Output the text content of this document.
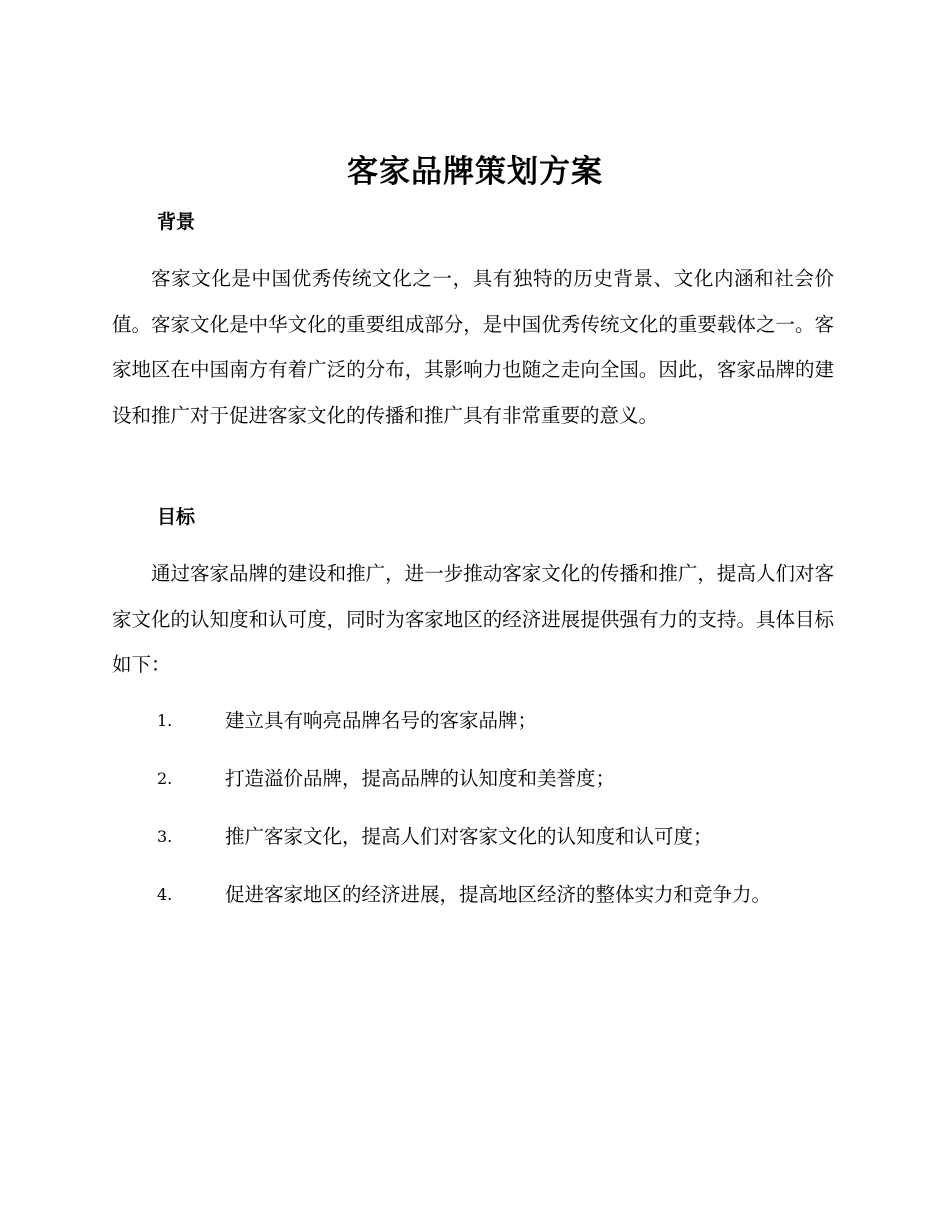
客家品牌策划方案
背景

客家文化是中国优秀传统文化之一，具有独特的历史背景、文化内涵和社会价值。客家文化是中华文化的重要组成部分，是中国优秀传统文化的重要载体之一。客家地区在中国南方有着广泛的分布，其影响力也随之走向全国。因此，客家品牌的建设和推广对于促进客家文化的传播和推广具有非常重要的意义。

目标

通过客家品牌的建设和推广，进一步推动客家文化的传播和推广，提高人们对客家文化的认知度和认可度，同时为客家地区的经济进展提供强有力的支持。具体目标如下：

1.	建立具有响亮品牌名号的客家品牌；
2.	打造溢价品牌，提高品牌的认知度和美誉度；
3.	推广客家文化，提高人们对客家文化的认知度和认可度；
4.	促进客家地区的经济进展，提高地区经济的整体实力和竞争力。
